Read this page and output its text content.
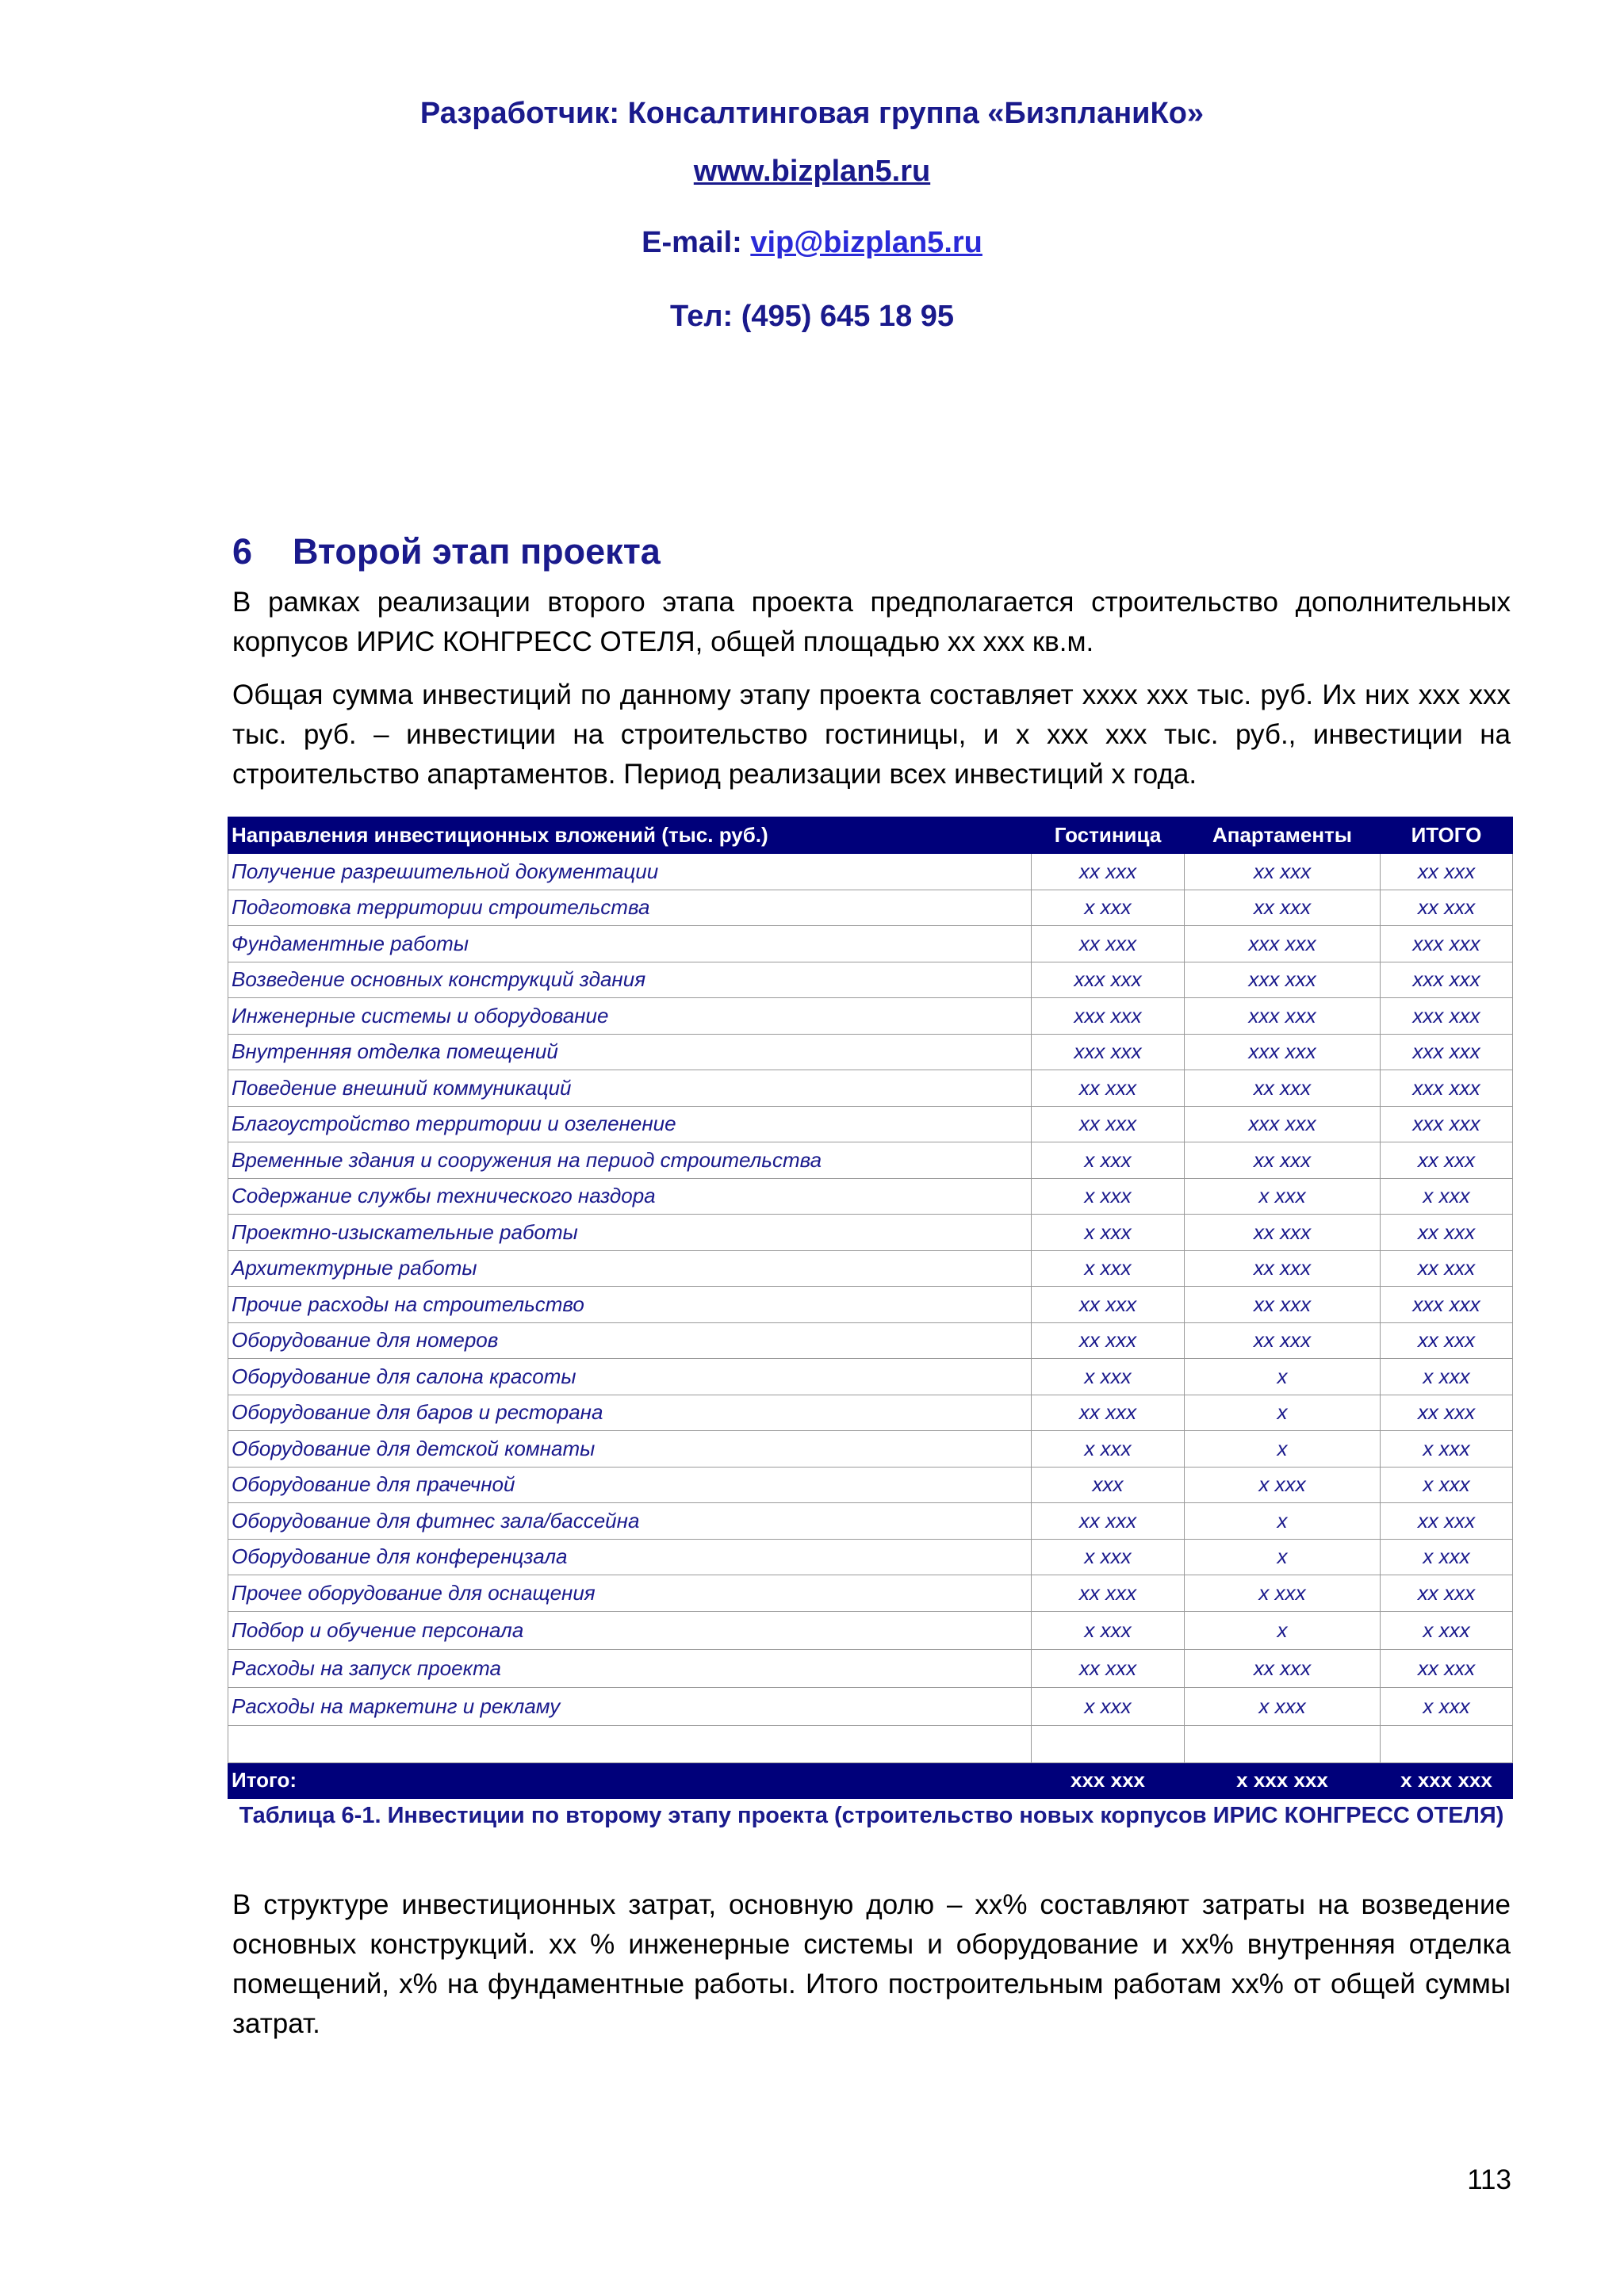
Разработчик: Консалтинговая группа «БизпланиКо»
www.bizplan5.ru
E-mail: vip@bizplan5.ru
Тел: (495) 645 18 95
6 Второй этап проекта
В рамках реализации второго этапа проекта предполагается строительство дополнительных корпусов ИРИС КОНГРЕСС ОТЕЛЯ, общей площадью хх ххх кв.м.
Общая сумма инвестиций по данному этапу проекта составляет хххх ххх тыс. руб. Их них ххх ххх тыс. руб. – инвестиции на строительство гостиницы, и х ххх ххх тыс. руб., инвестиции на строительство апартаментов. Период реализации всех инвестиций х года.
Направления инвестиционных вложений (тыс. руб.)	Гостиница	Апартаменты	ИТОГО
Получение разрешительной документации	хх ххх	хх ххх	хх ххх
Подготовка территории строительства	х ххх	хх ххх	хх ххх
Фундаментные работы	хх ххх	ххх ххх	ххх ххх
Возведение основных конструкций здания	ххх ххх	ххх ххх	ххх ххх
Инженерные системы и оборудование	ххх ххх	ххх ххх	ххх ххх
Внутренняя отделка помещений	ххх ххх	ххх ххх	ххх ххх
Поведение внешний коммуникаций	хх ххх	хх ххх	ххх ххх
Благоустройство территории и озеленение	хх ххх	ххх ххх	ххх ххх
Временные здания и сооружения на период строительства	х ххх	хх ххх	хх ххх
Содержание службы технического наздора	х ххх	х ххх	х ххх
Проектно-изыскательные работы	х ххх	хх ххх	хх ххх
Архитектурные работы	х ххх	хх ххх	хх ххх
Прочие расходы на строительство	хх ххх	хх ххх	ххх ххх
Оборудование для номеров	хх ххх	хх ххх	хх ххх
Оборудование для салона красоты	х ххх	х	х ххх
Оборудование для баров и ресторана	хх ххх	х	хх ххх
Оборудование для детской комнаты	х ххх	х	х ххх
Оборудование для прачечной	ххх	х ххх	х ххх
Оборудование для фитнес зала/бассейна	хх ххх	х	хх ххх
Оборудование для конференцзала	х ххх	х	х ххх
Прочее оборудование для оснащения	хх ххх	х ххх	хх ххх
Подбор и обучение персонала	х ххх	х	х ххх
Расходы на запуск проекта	хх ххх	хх ххх	хх ххх
Расходы на маркетинг и рекламу	х ххх	х ххх	х ххх

Итого:	ххх ххх	х ххх ххх	х ххх ххх
Таблица 6-1. Инвестиции по второму этапу проекта (строительство новых корпусов ИРИС КОНГРЕСС ОТЕЛЯ)
В структуре инвестиционных затрат, основную долю – хх% составляют затраты на возведение основных конструкций. хх % инженерные системы и оборудование и хх% внутренняя отделка помещений, х% на фундаментные работы. Итого построительным работам хх% от общей суммы затрат.
113
